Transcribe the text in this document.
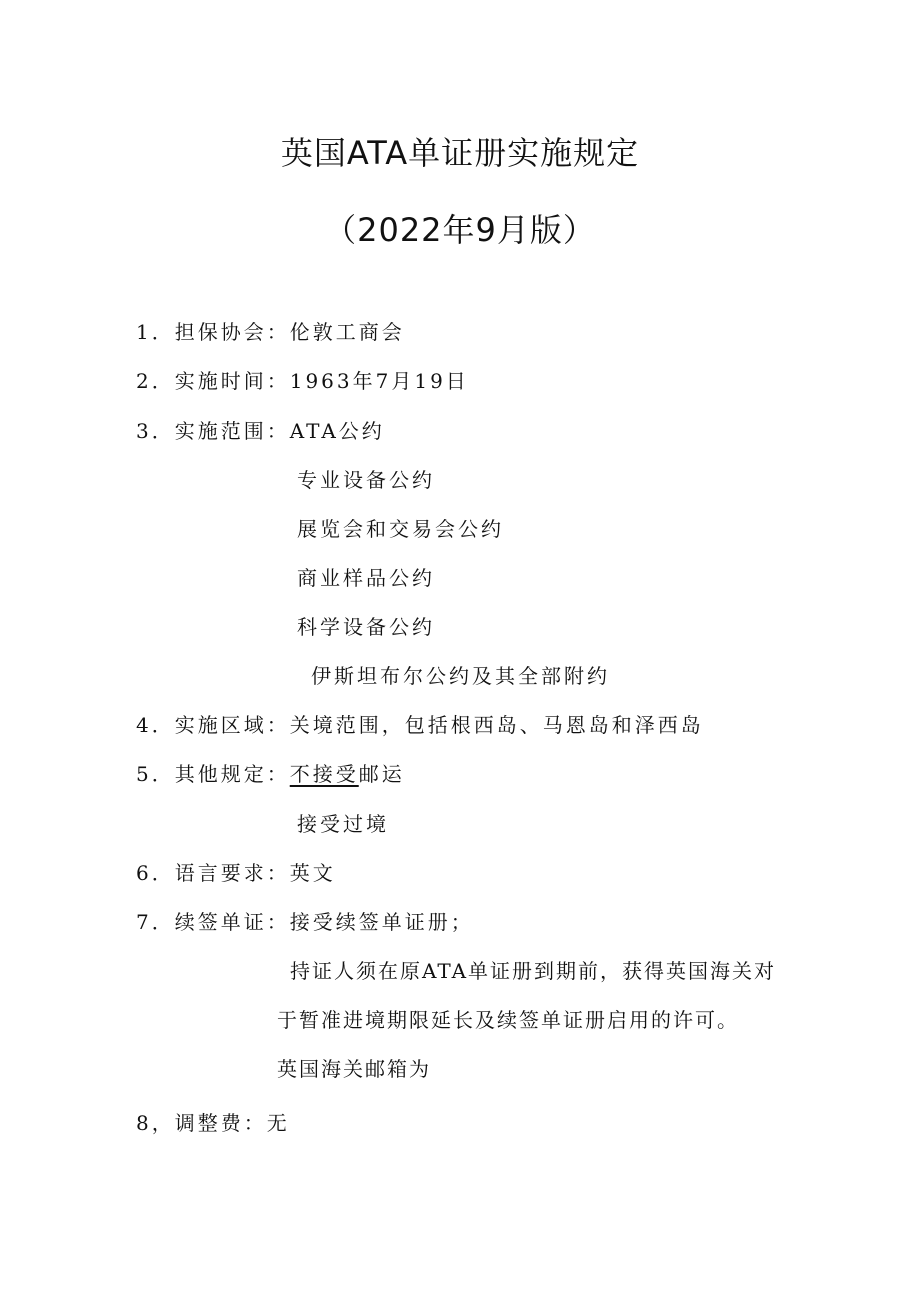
英国ATA单证册实施规定
（2022年9月版）
1．担保协会：伦敦工商会
2．实施时间：1963年7月19日
3．实施范围：ATA公约
专业设备公约
展览会和交易会公约
商业样品公约
科学设备公约
伊斯坦布尔公约及其全部附约
4．实施区域：关境范围，包括根西岛、马恩岛和泽西岛
5．其他规定：不接受邮运
接受过境
6．语言要求：英文
7．续签单证：接受续签单证册；
持证人须在原ATA单证册到期前，获得英国海关对
于暂准进境期限延长及续签单证册启用的许可。
英国海关邮箱为
8，调整费：无
